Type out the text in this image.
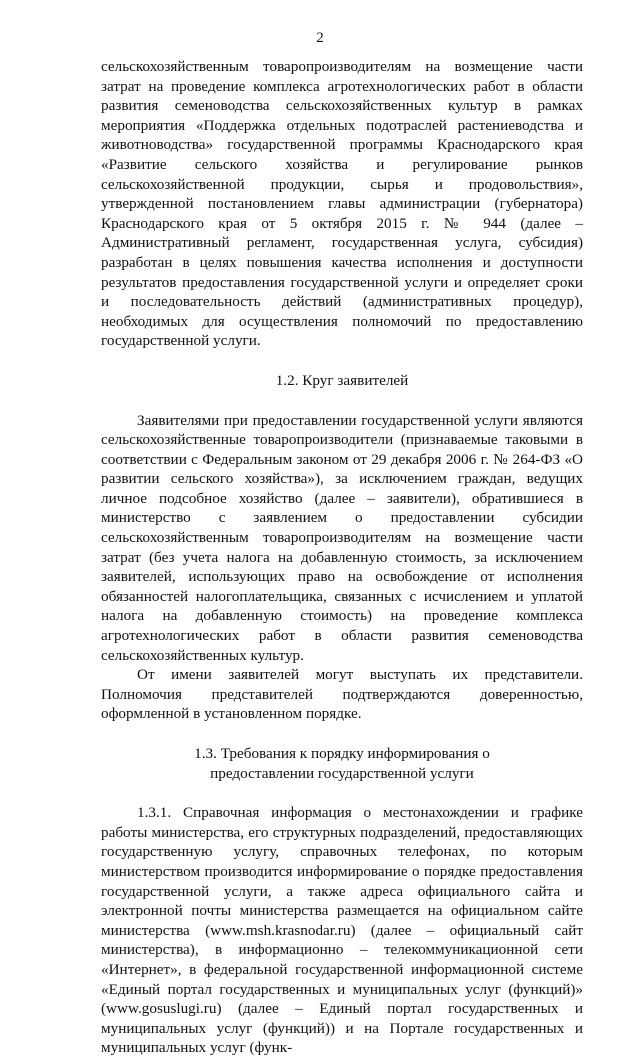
2

сельскохозяйственным товаропроизводителям на возмещение части затрат на проведение комплекса агротехнологических работ в области развития семеноводства сельскохозяйственных культур в рамках мероприятия «Поддержка отдельных подотраслей растениеводства и животноводства» государственной программы Краснодарского края «Развитие сельского хозяйства и регулирование рынков сельскохозяйственной продукции, сырья и продовольствия», утвержденной постановлением главы администрации (губернатора) Краснодарского края от 5 октября 2015 г. № 944 (далее – Административный регламент, государственная услуга, субсидия) разработан в целях повышения качества исполнения и доступности результатов предоставления государственной услуги и определяет сроки и последовательность действий (административных процедур), необходимых для осуществления полномочий по предоставлению государственной услуги.

1.2. Круг заявителей

Заявителями при предоставлении государственной услуги являются сельскохозяйственные товаропроизводители (признаваемые таковыми в соответствии с Федеральным законом от 29 декабря 2006 г. № 264-ФЗ «О развитии сельского хозяйства»), за исключением граждан, ведущих личное подсобное хозяйство (далее – заявители), обратившиеся в министерство с заявлением о предоставлении субсидии сельскохозяйственным товаропроизводителям на возмещение части затрат (без учета налога на добавленную стоимость, за исключением заявителей, использующих право на освобождение от исполнения обязанностей налогоплательщика, связанных с исчислением и уплатой налога на добавленную стоимость) на проведение комплекса агротехнологических работ в области развития семеноводства сельскохозяйственных культур.

От имени заявителей могут выступать их представители. Полномочия представителей подтверждаются доверенностью, оформленной в установленном порядке.

1.3. Требования к порядку информирования о
предоставлении государственной услуги

1.3.1. Справочная информация о местонахождении и графике работы министерства, его структурных подразделений, предоставляющих государственную услугу, справочных телефонах, по которым министерством производится информирование о порядке предоставления государственной услуги, а также адреса официального сайта и электронной почты министерства размещается на официальном сайте министерства (www.msh.krasnodar.ru) (далее – официальный сайт министерства), в информационно – телекоммуникационной сети «Интернет», в федеральной государственной информационной системе «Единый портал государственных и муниципальных услуг (функций)» (www.gosuslugi.ru) (далее – Единый портал государственных и муниципальных услуг (функций)) и на Портале государственных и муниципальных услуг (функ-
